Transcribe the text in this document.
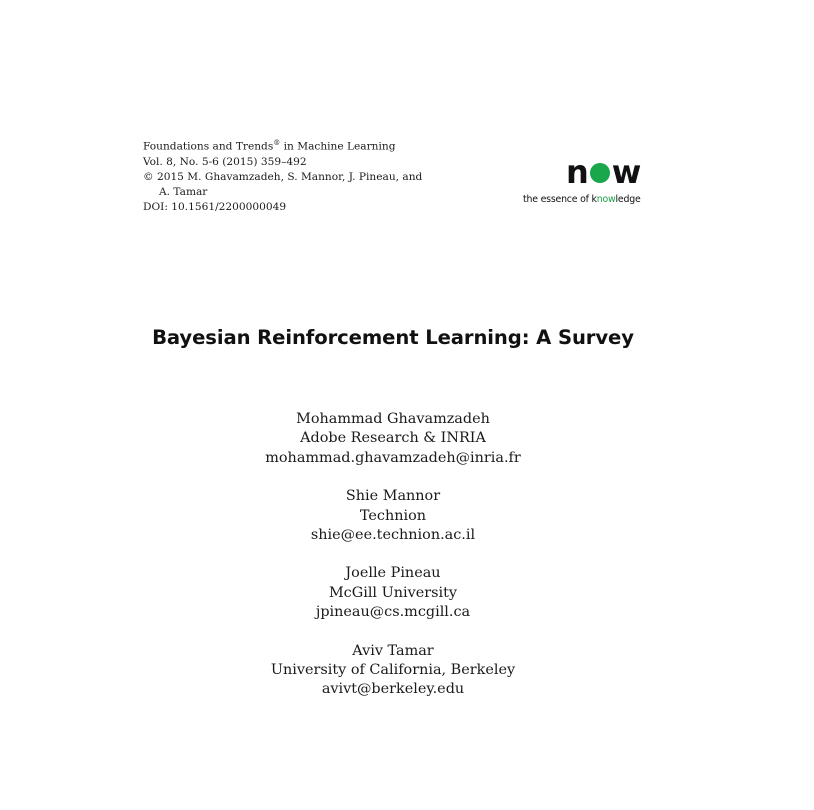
Foundations and Trends® in Machine Learning
Vol. 8, No. 5-6 (2015) 359–492
© 2015 M. Ghavamzadeh, S. Mannor, J. Pineau, and
A. Tamar
DOI: 10.1561/2200000049
n w
the essence of knowledge
Bayesian Reinforcement Learning: A Survey
Mohammad Ghavamzadeh
Adobe Research & INRIA
mohammad.ghavamzadeh@inria.fr
Shie Mannor
Technion
shie@ee.technion.ac.il
Joelle Pineau
McGill University
jpineau@cs.mcgill.ca
Aviv Tamar
University of California, Berkeley
avivt@berkeley.edu
